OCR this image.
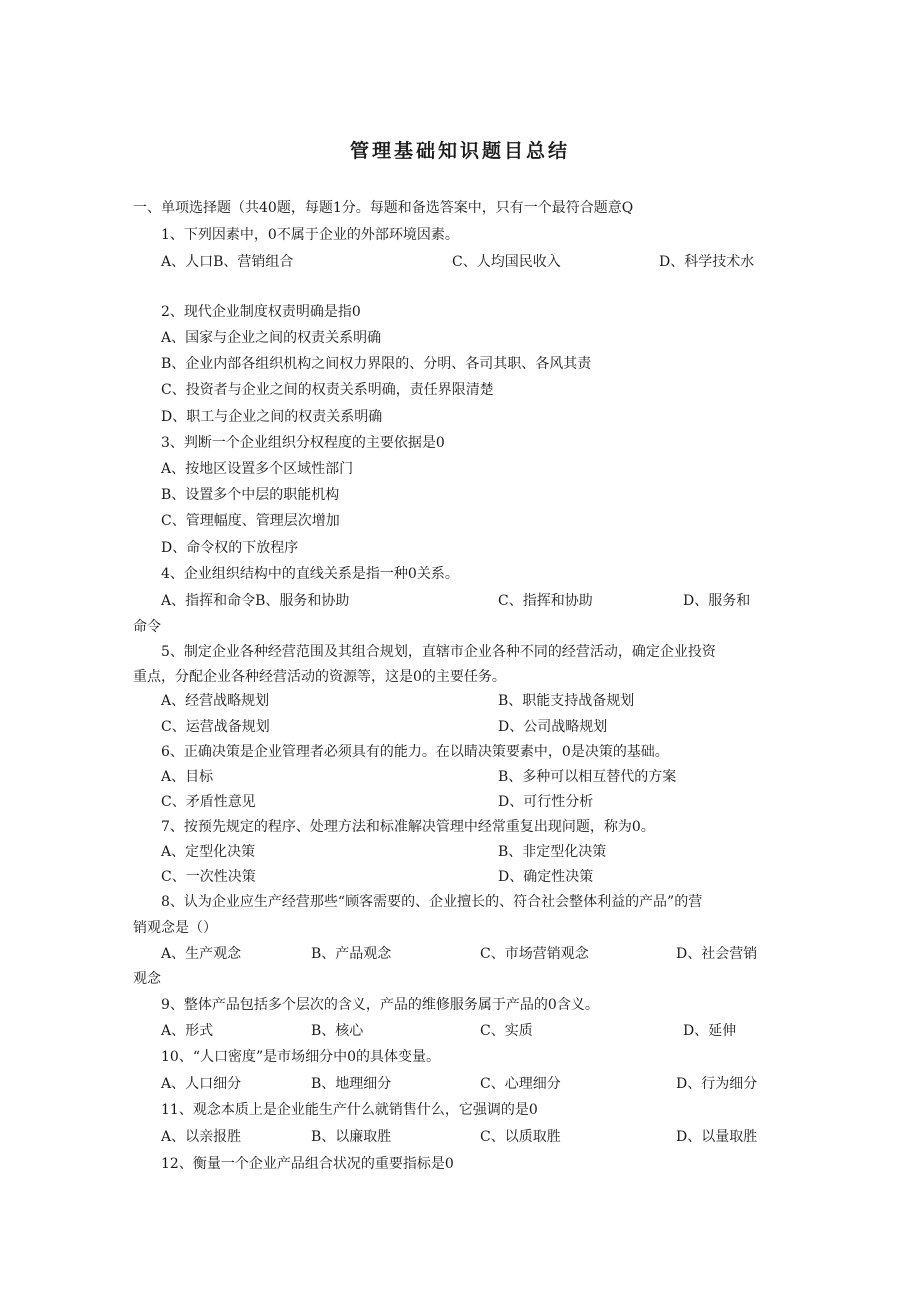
管理基础知识题目总结
一、单项选择题（共40题，每题1分。每题和备选答案中，只有一个最符合题意Q
1、下列因素中，0不属于企业的外部环境因素。
A、人口B、营销组合	C、人均国民收入	D、科学技术水
2、现代企业制度权责明确是指0
A、国家与企业之间的权责关系明确
B、企业内部各组织机构之间权力界限的、分明、各司其职、各风其责
C、投资者与企业之间的权责关系明确，责任界限清楚
D、职工与企业之间的权责关系明确
3、判断一个企业组织分权程度的主要依据是0
A、按地区设置多个区域性部门
B、设置多个中层的职能机构
C、管理幅度、管理层次增加
D、命令权的下放程序
4、企业组织结构中的直线关系是指一种0关系。
A、指挥和命令B、服务和协助	C、指挥和协助	D、服务和
命令
5、制定企业各种经营范围及其组合规划，直辖市企业各种不同的经营活动，确定企业投资
重点，分配企业各种经营活动的资源等，这是0的主要任务。
A、经营战略规划	B、职能支持战备规划
C、运营战备规划	D、公司战略规划
6、正确决策是企业管理者必须具有的能力。在以睛决策要素中，0是决策的基础。
A、目标	B、多种可以相互替代的方案
C、矛盾性意见	D、可行性分析
7、按预先规定的程序、处理方法和标准解决管理中经常重复出现问题，称为0。
A、定型化决策	B、非定型化决策
C、一次性决策	D、确定性决策
8、认为企业应生产经营那些“顾客需要的、企业擅长的、符合社会整体利益的产品”的营
销观念是（）
A、生产观念	B、产品观念	C、市场营销观念	D、社会营销
观念
9、整体产品包括多个层次的含义，产品的维修服务属于产品的0含义。
A、形式	B、核心	C、实质	D、延伸
10、“人口密度”是市场细分中0的具体变量。
A、人口细分	B、地理细分	C、心理细分	D、行为细分
11、观念本质上是企业能生产什么就销售什么，它强调的是0
A、以亲报胜	B、以廉取胜	C、以质取胜	D、以量取胜
12、衡量一个企业产品组合状况的重要指标是0
